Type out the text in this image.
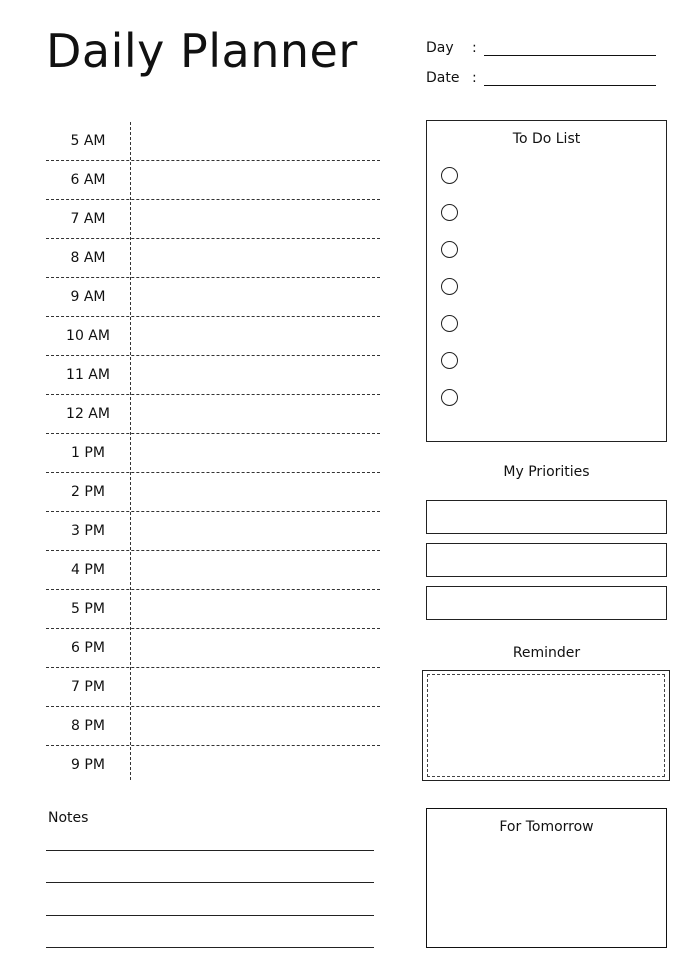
Daily Planner	Day	:
Date :
5 AM
6 AM
7 AM
8 AM
9 AM
10 AM
11 AM
12 AM
1 PM
2 PM
3 PM
4 PM
5 PM
6 PM
7 PM
8 PM
9 PM
To Do List
My Priorities
Reminder
For Tomorrow
Notes
